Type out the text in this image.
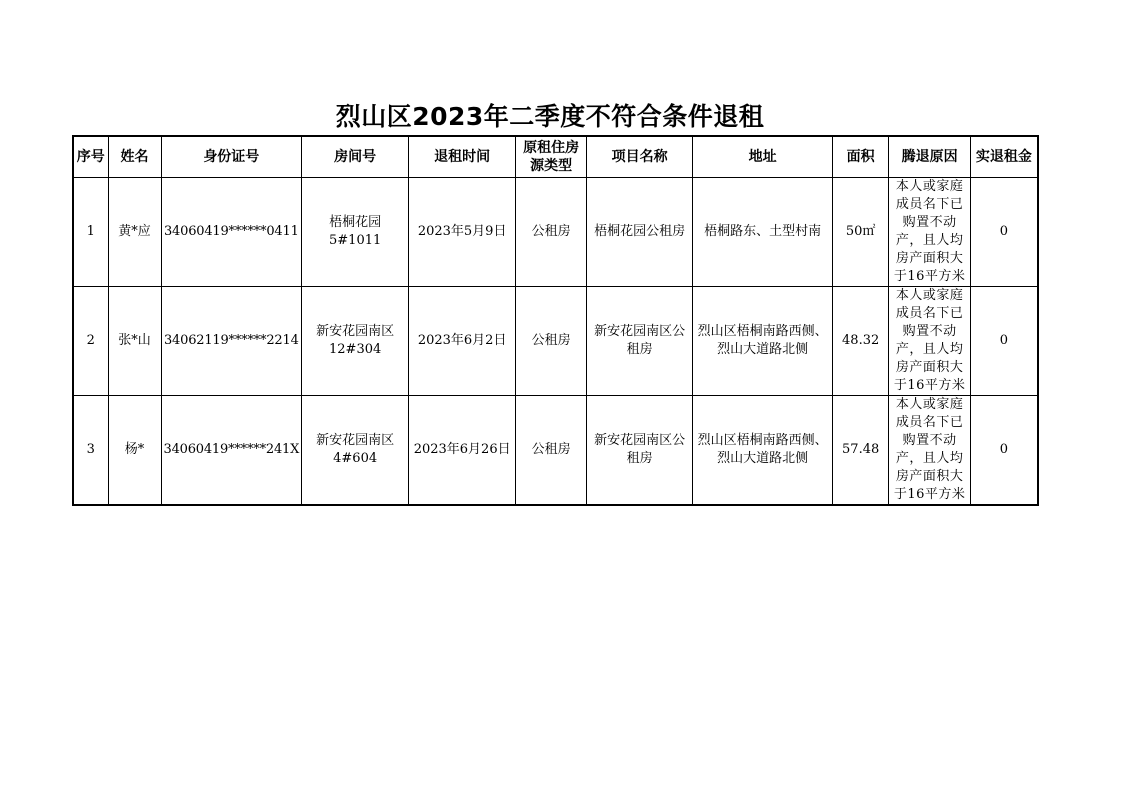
烈山区2023年二季度不符合条件退租
序号	姓名	身份证号	房间号	退租时间	原租住房源类型	项目名称	地址	面积	腾退原因	实退租金
1	黄*应	34060419******0411	梧桐花园5#1011	2023年5月9日	公租房	梧桐花园公租房	梧桐路东、土型村南	50㎡	本人或家庭成员名下已购置不动产，且人均房产面积大于16平方米	0
2	张*山	34062119******2214	新安花园南区12#304	2023年6月2日	公租房	新安花园南区公租房	烈山区梧桐南路西侧、烈山大道路北侧	48.32	本人或家庭成员名下已购置不动产，且人均房产面积大于16平方米	0
3	杨*	34060419******241X	新安花园南区4#604	2023年6月26日	公租房	新安花园南区公租房	烈山区梧桐南路西侧、烈山大道路北侧	57.48	本人或家庭成员名下已购置不动产，且人均房产面积大于16平方米	0
